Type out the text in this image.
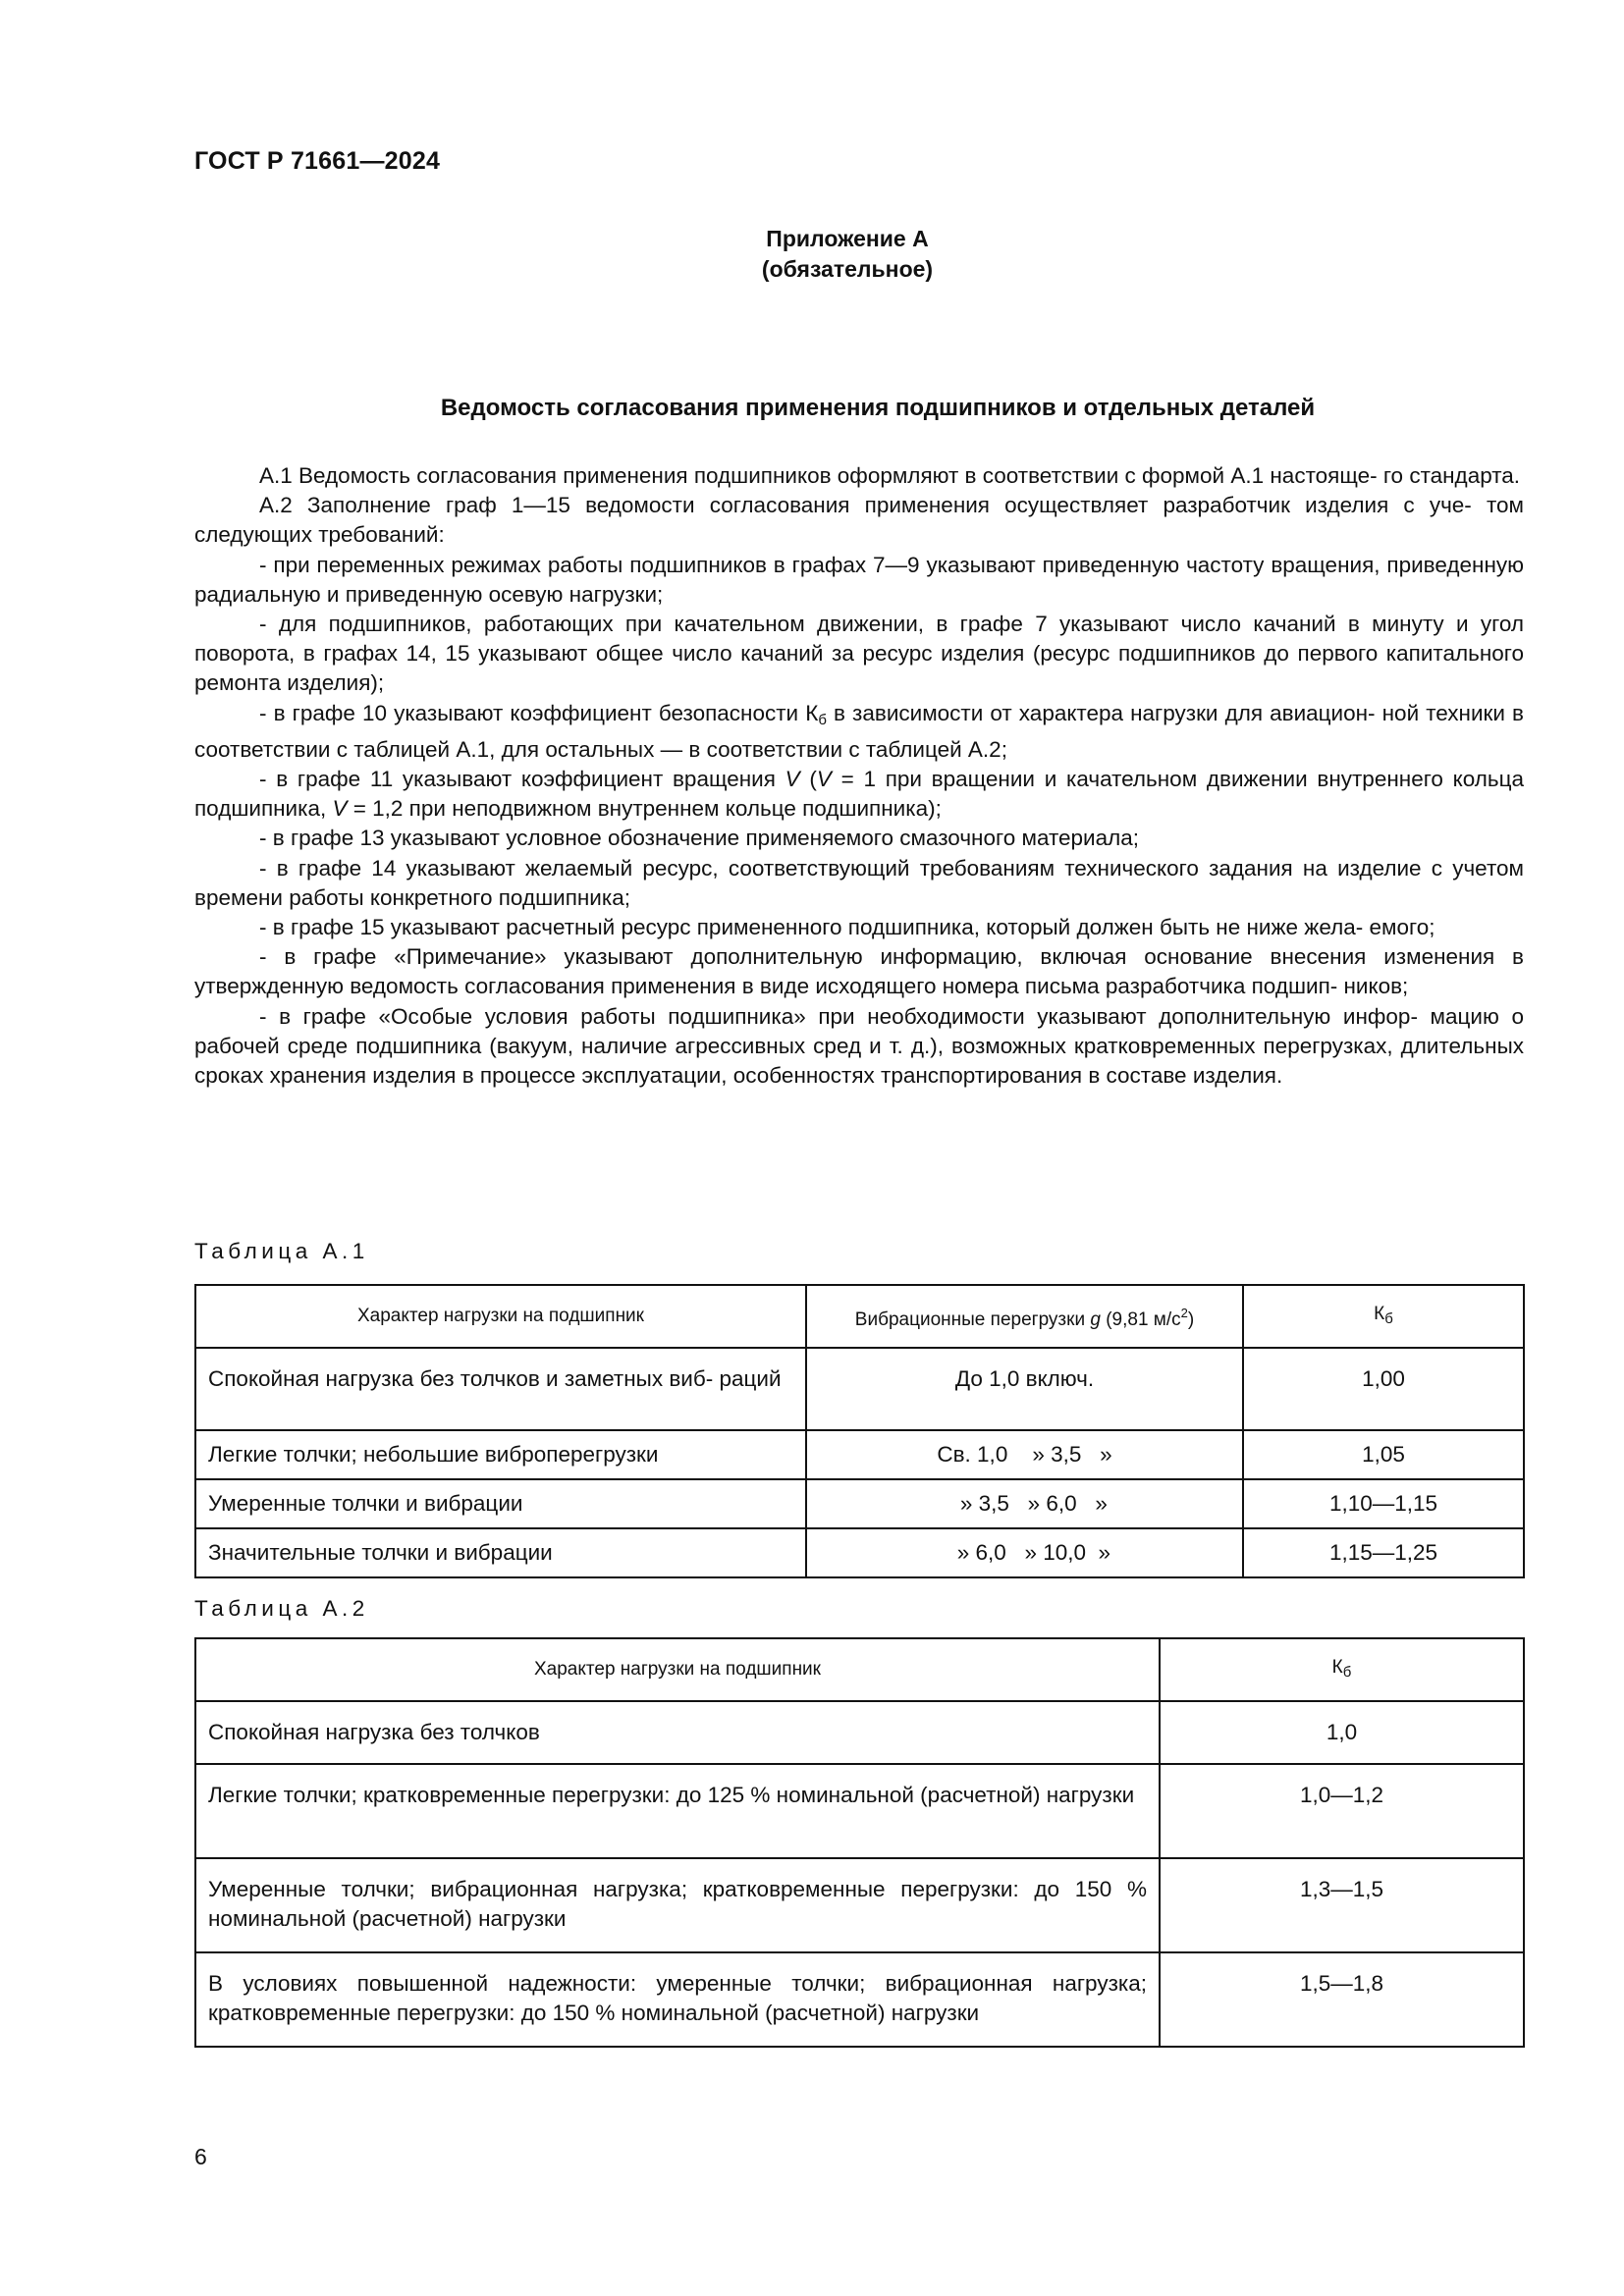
ГОСТ Р 71661—2024
Приложение А
(обязательное)
Ведомость согласования применения подшипников и отдельных деталей

А.1 Ведомость согласования применения подшипников оформляют в соответствии с формой А.1 настояще- го стандарта.

А.2 Заполнение граф 1—15 ведомости согласования применения осуществляет разработчик изделия с уче- том следующих требований:

- при переменных режимах работы подшипников в графах 7—9 указывают приведенную частоту вращения, приведенную радиальную и приведенную осевую нагрузки;

- для подшипников, работающих при качательном движении, в графе 7 указывают число качаний в минуту и угол поворота, в графах 14, 15 указывают общее число качаний за ресурс изделия (ресурс подшипников до первого капитального ремонта изделия);

- в графе 10 указывают коэффициент безопасности $К_б$ в зависимости от характера нагрузки для авиацион- ной техники в соответствии с таблицей А.1, для остальных — в соответствии с таблицей А.2;

- в графе 11 указывают коэффициент вращения V (V = 1 при вращении и качательном движении внутреннего кольца подшипника, V = 1,2 при неподвижном внутреннем кольце подшипника);

- в графе 13 указывают условное обозначение применяемого смазочного материала;

- в графе 14 указывают желаемый ресурс, соответствующий требованиям технического задания на изделие с учетом времени работы конкретного подшипника;

- в графе 15 указывают расчетный ресурс примененного подшипника, который должен быть не ниже жела- емого;

- в графе «Примечание» указывают дополнительную информацию, включая основание внесения изменения в утвержденную ведомость согласования применения в виде исходящего номера письма разработчика подшип- ников;

- в графе «Особые условия работы подшипника» при необходимости указывают дополнительную инфор- мацию о рабочей среде подшипника (вакуум, наличие агрессивных сред и т. д.), возможных кратковременных перегрузках, длительных сроках хранения изделия в процессе эксплуатации, особенностях транспортирования в составе изделия.

Таблица А.1
Характер нагрузки на подшипник	Вибрационные перегрузки g (9,81 $м/с^2$)	$К_б$
Спокойная нагрузка без толчков и заметных виб- раций	До 1,0 включ.	1,00
Легкие толчки; небольшие виброперегрузки	Св. 1,0    » 3,5   »	1,05
Умеренные толчки и вибрации	» 3,5   » 6,0   »	1,10—1,15
Значительные толчки и вибрации	» 6,0   » 10,0  »	1,15—1,25
Таблица А.2
Характер нагрузки на подшипник	$К_б$
Спокойная нагрузка без толчков	1,0
Легкие толчки; кратковременные перегрузки: до 125 % номинальной (расчетной) нагрузки	1,0—1,2
Умеренные толчки; вибрационная нагрузка; кратковременные перегрузки: до 150 % номинальной (расчетной) нагрузки	1,3—1,5
В условиях повышенной надежности: умеренные толчки; вибрационная нагрузка; кратковременные перегрузки: до 150 % номинальной (расчетной) нагрузки	1,5—1,8
6
